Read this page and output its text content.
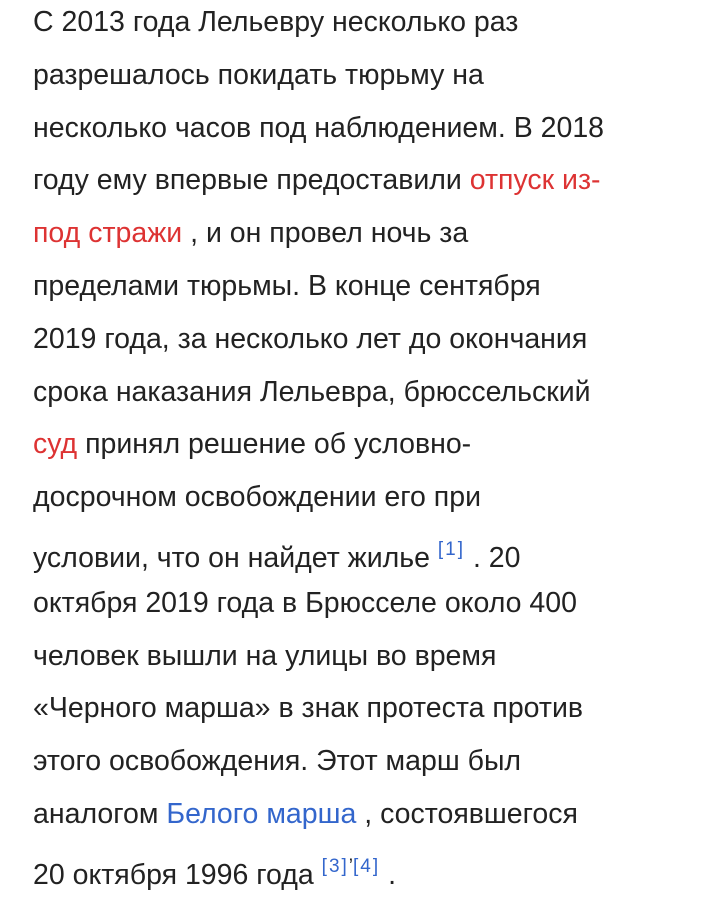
С 2013 года Лельевру несколько раз
разрешалось покидать тюрьму на
несколько часов под наблюдением. В 2018
году ему впервые предоставили отпуск из-
под стражи , и он провел ночь за
пределами тюрьмы. В конце сентября
2019 года, за несколько лет до окончания
срока наказания Лельевра, брюссельский
суд принял решение об условно-
досрочном освобождении его при
условии, что он найдет жилье [1] . 20
октября 2019 года в Брюсселе около 400
человек вышли на улицы во время
«Черного марша» в знак протеста против
этого освобождения. Этот марш был
аналогом Белого марша , состоявшегося
20 октября 1996 года [3]’[4] .
